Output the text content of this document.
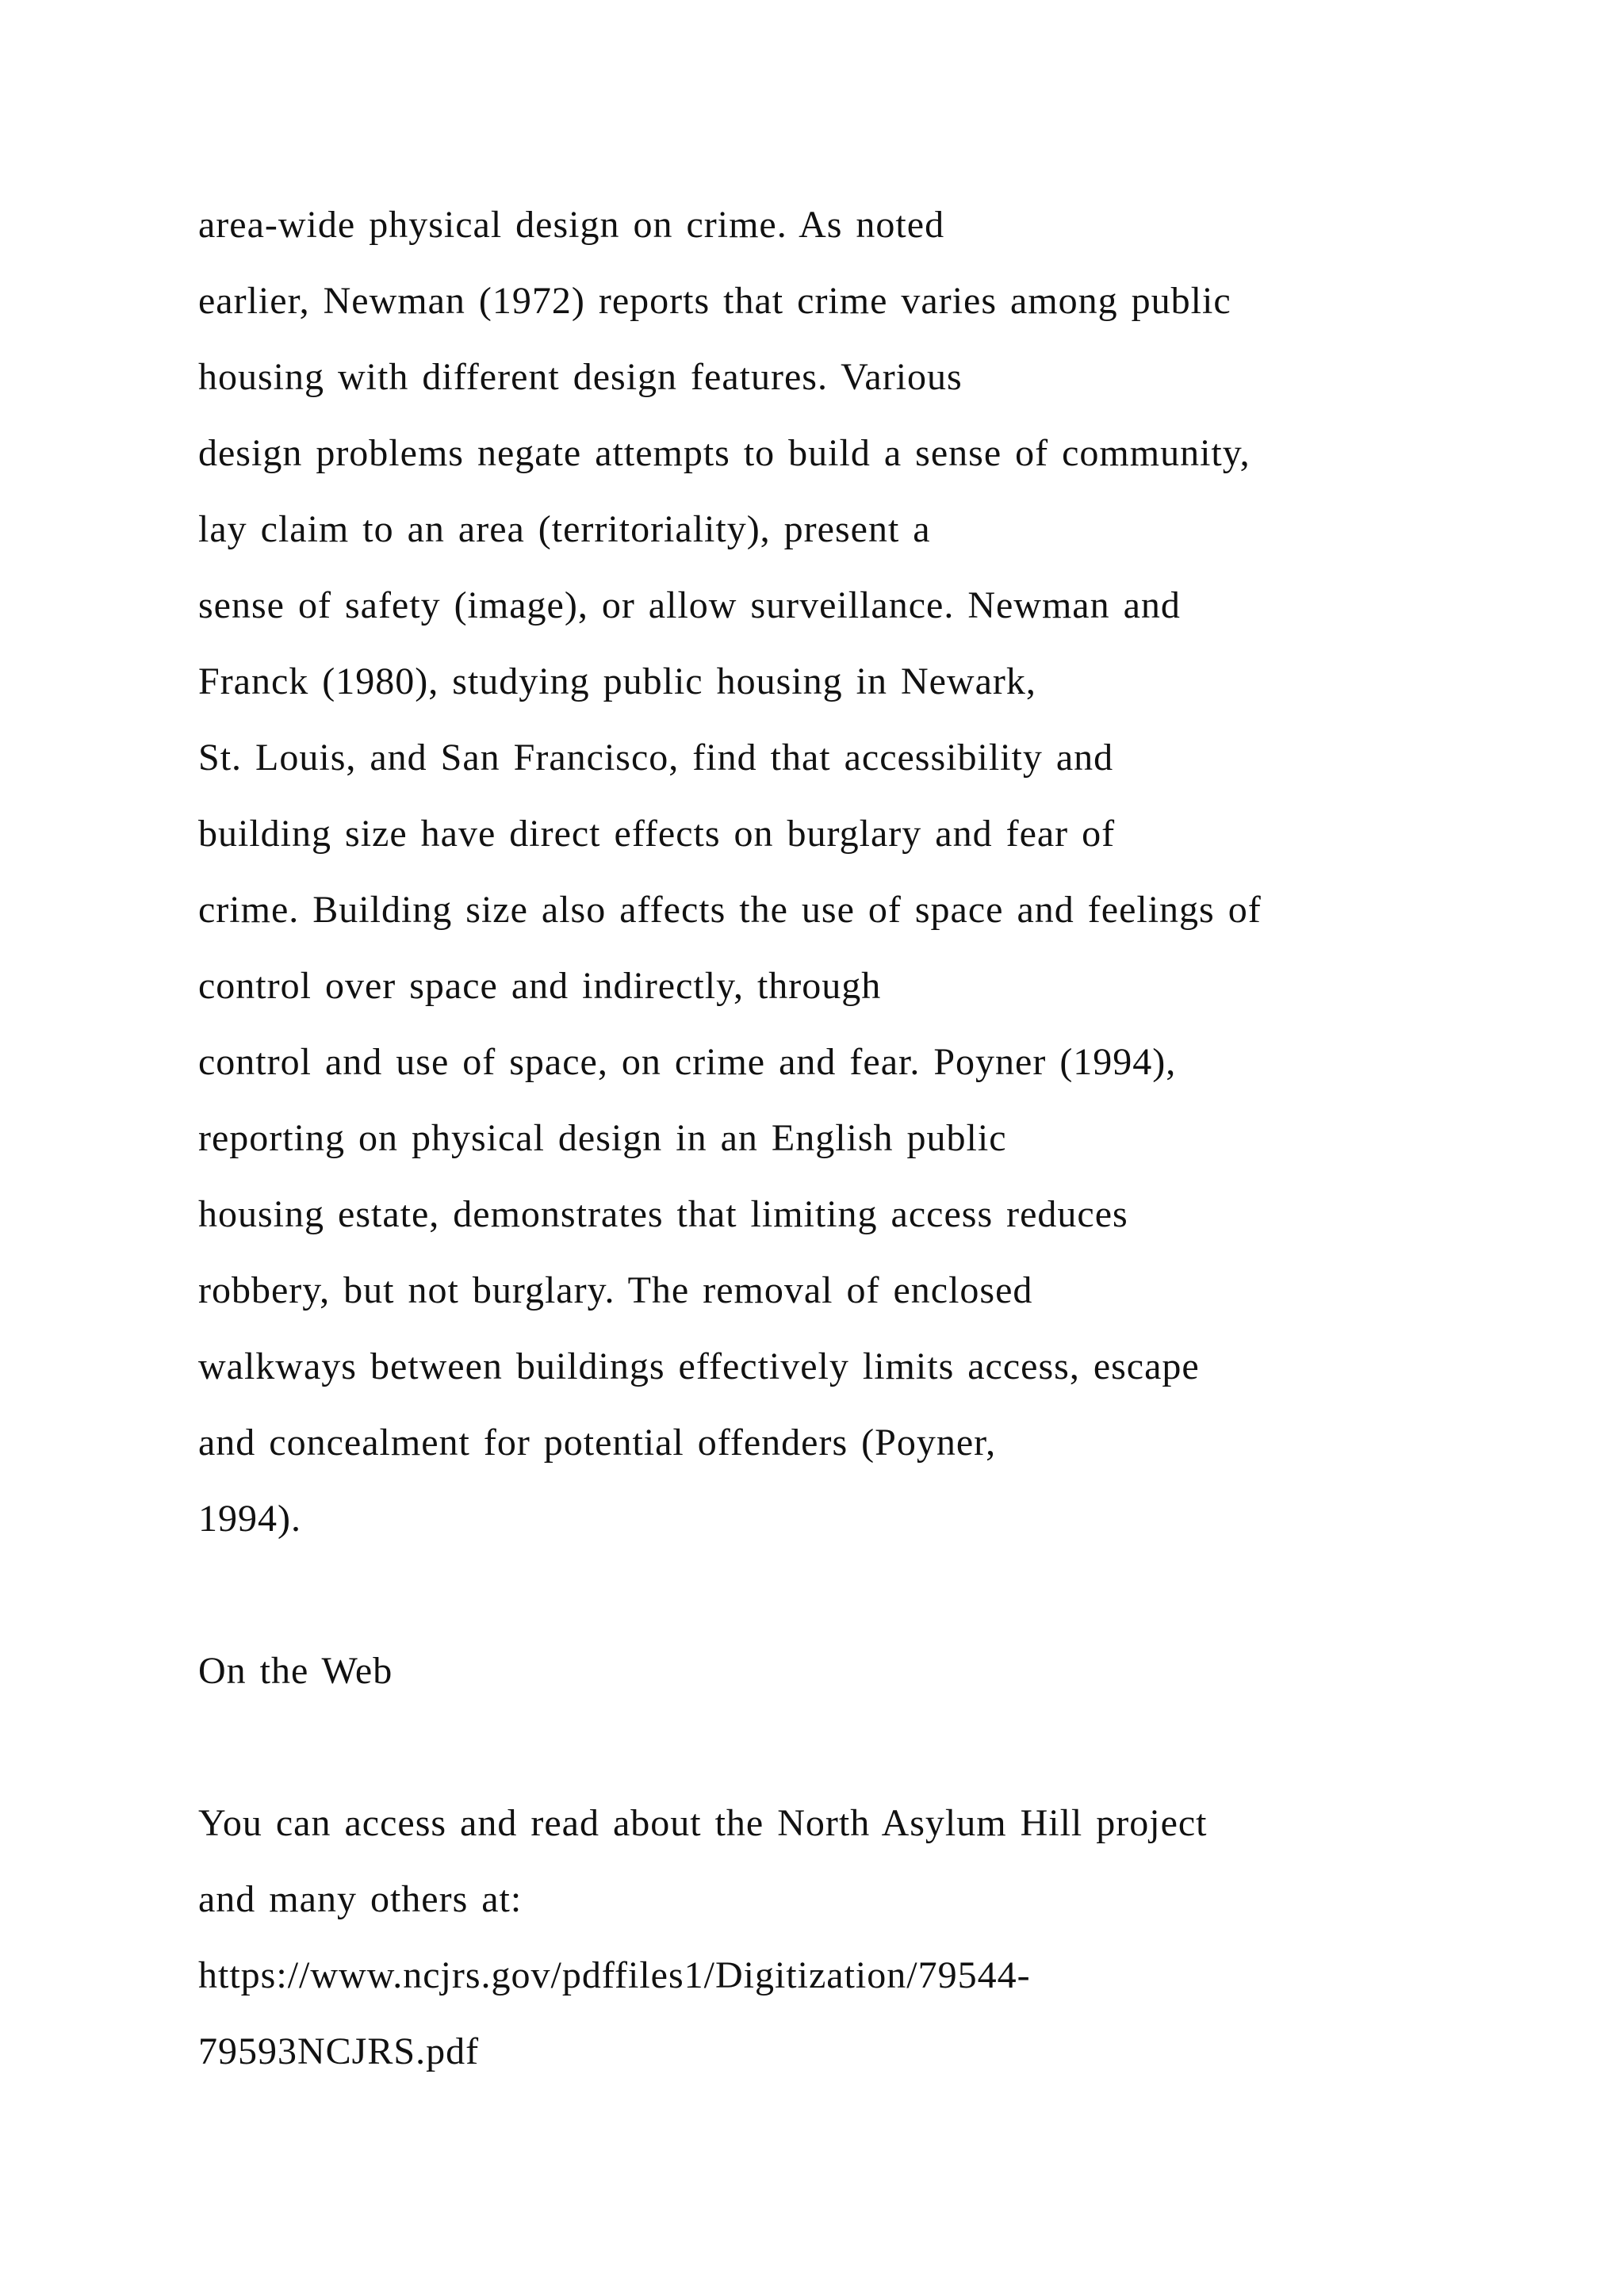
area-wide physical design on crime. As noted
earlier, Newman (1972) reports that crime varies among public
housing with different design features. Various
design problems negate attempts to build a sense of community,
lay claim to an area (territoriality), present a
sense of safety (image), or allow surveillance. Newman and
Franck (1980), studying public housing in Newark,
St. Louis, and San Francisco, find that accessibility and
building size have direct effects on burglary and fear of
crime. Building size also affects the use of space and feelings of
control over space and indirectly, through
control and use of space, on crime and fear. Poyner (1994),
reporting on physical design in an English public
housing estate, demonstrates that limiting access reduces
robbery, but not burglary. The removal of enclosed
walkways between buildings effectively limits access, escape
and concealment for potential offenders (Poyner,
1994).
On the Web
You can access and read about the North Asylum Hill project
and many others at:
https://www.ncjrs.gov/pdffiles1/Digitization/79544-
79593NCJRS.pdf
